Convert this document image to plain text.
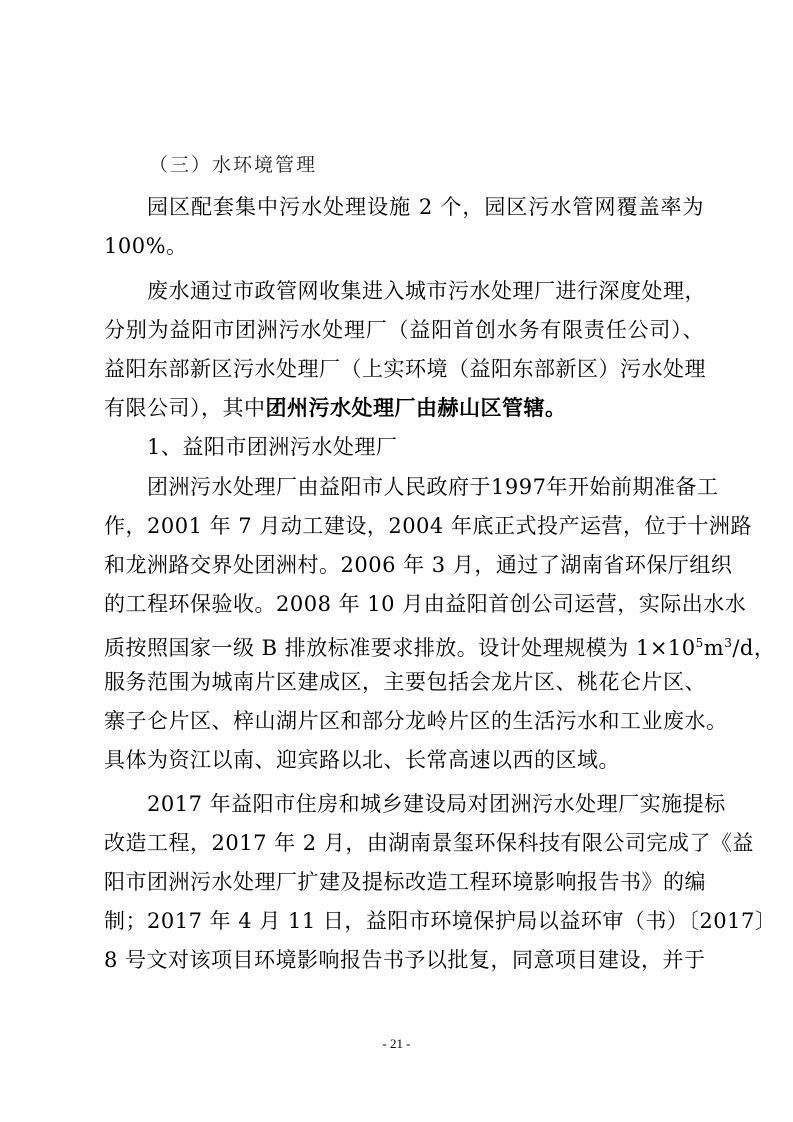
（三）水环境管理
园区配套集中污水处理设施 2 个，园区污水管网覆盖率为
100%。
废水通过市政管网收集进入城市污水处理厂进行深度处理，
分别为益阳市团洲污水处理厂（益阳首创水务有限责任公司）、
益阳东部新区污水处理厂（上实环境（益阳东部新区）污水处理
有限公司），其中团州污水处理厂由赫山区管辖。
1、益阳市团洲污水处理厂
团洲污水处理厂由益阳市人民政府于1997年开始前期准备工
作，2001 年 7 月动工建设，2004 年底正式投产运营，位于十洲路
和龙洲路交界处团洲村。2006 年 3 月，通过了湖南省环保厅组织
的工程环保验收。2008 年 10 月由益阳首创公司运营，实际出水水
质按照国家一级 B 排放标准要求排放。设计处理规模为 $1\times 10^5m^3/d$，
服务范围为城南片区建成区，主要包括会龙片区、桃花仑片区、
寨子仑片区、梓山湖片区和部分龙岭片区的生活污水和工业废水。
具体为资江以南、迎宾路以北、长常高速以西的区域。
2017 年益阳市住房和城乡建设局对团洲污水处理厂实施提标
改造工程，2017 年 2 月，由湖南景玺环保科技有限公司完成了《益
阳市团洲污水处理厂扩建及提标改造工程环境影响报告书》的编
制；2017 年 4 月 11 日，益阳市环境保护局以益环审（书）〔2017〕
8 号文对该项目环境影响报告书予以批复，同意项目建设，并于
- 21 -
